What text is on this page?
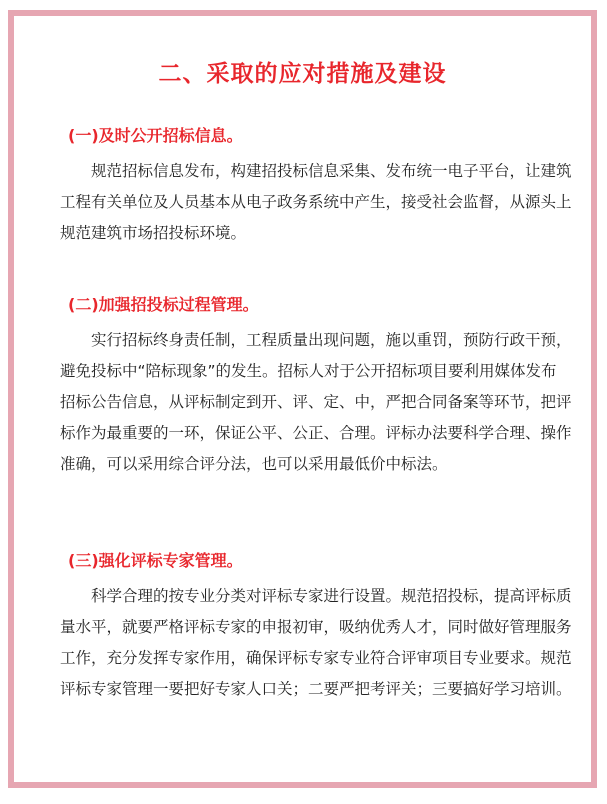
二、采取的应对措施及建设
(一)及时公开招标信息。
规范招标信息发布，构建招投标信息采集、发布统一电子平台，让建筑
工程有关单位及人员基本从电子政务系统中产生，接受社会监督，从源头上
规范建筑市场招投标环境。
(二)加强招投标过程管理。
实行招标终身责任制，工程质量出现问题，施以重罚，预防行政干预，
避免投标中“陪标现象”的发生。招标人对于公开招标项目要利用媒体发布
招标公告信息，从评标制定到开、评、定、中，严把合同备案等环节，把评
标作为最重要的一环，保证公平、公正、合理。评标办法要科学合理、操作
准确，可以采用综合评分法，也可以采用最低价中标法。
(三)强化评标专家管理。
科学合理的按专业分类对评标专家进行设置。规范招投标，提高评标质
量水平，就要严格评标专家的申报初审，吸纳优秀人才，同时做好管理服务
工作，充分发挥专家作用，确保评标专家专业符合评审项目专业要求。规范
评标专家管理一要把好专家人口关；二要严把考评关；三要搞好学习培训。
